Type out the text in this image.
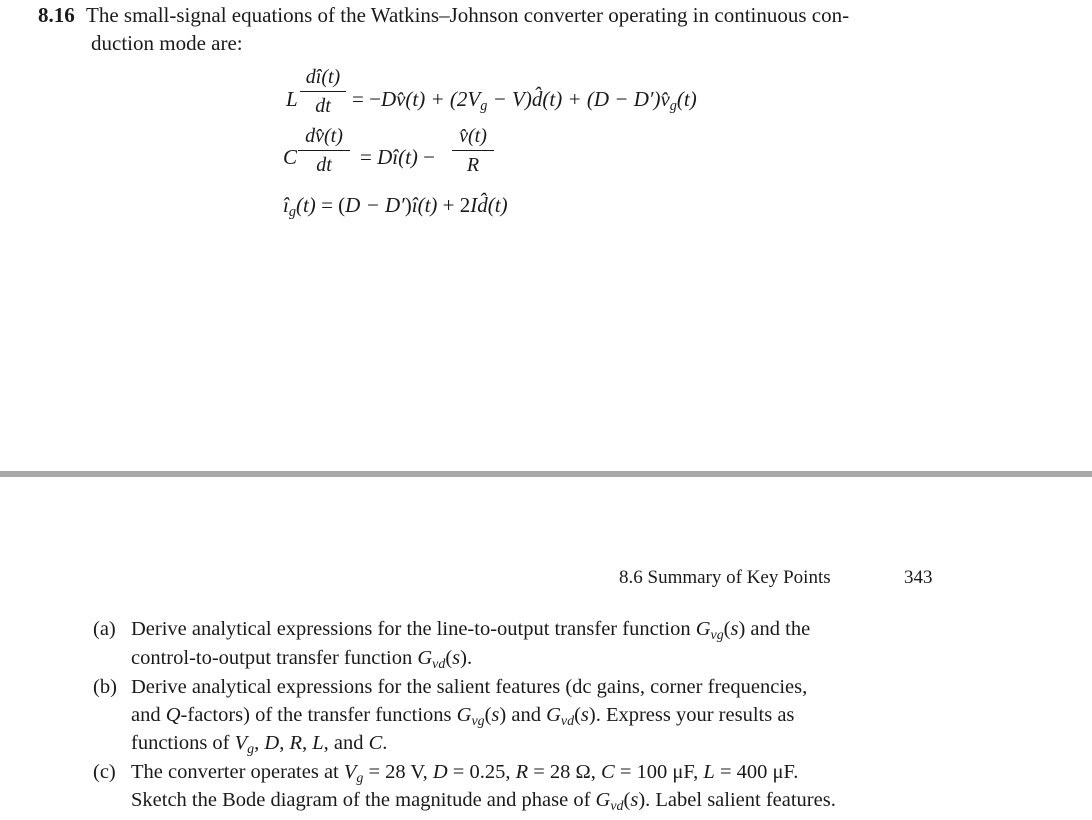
8.16 The small-signal equations of the Watkins–Johnson converter operating in continuous con-
duction mode are:
L
dî(t)
dt	= −Dv̂(t) + ($2V_g$ − V)d̂(t) + $(D - D')v̂_g(t)$
C
dv̂(t)
dt	= Dî(t) −
v̂(t)
R
$î_g(t) = (D$ − D′)î(t) + 2Id̂(t)
8.6 Summary of Key Points	343
(a) Derive analytical expressions for the line-to-output transfer function $G_{vg}(s)$ and the
control-to-output transfer function $G_{vd}(s)$.
(b) Derive analytical expressions for the salient features (dc gains, corner frequencies,
and Q-factors) of the transfer functions $G_{vg}(s)$ and $G_{vd}(s)$. Express your results as
functions of $V_g$, D, R, L, and C.
(c) The converter operates at $V_g = 28$ V, D = 0.25, R = 28 Ω, C = 100 μF, L = 400 μF.
Sketch the Bode diagram of the magnitude and phase of $G_{vd}(s)$. Label salient features.
